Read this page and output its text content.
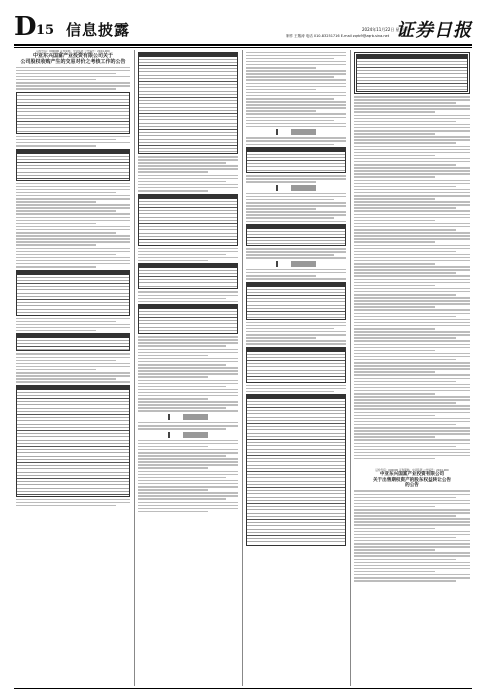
D 15 信息披露	2024年11月22日 星期四
制作 王敬涛 电话 010-83251716 E-mail zqrb9@zqrb.sina.net 证券日报
证券代码：000000 证券简称：中亚集团 公告编号：2024-000
中亚东兴国富产业投资有限公司关于
公司股权收购产生的交易对价之考核工作的公告
证券代码：000000 证券简称：中亚集团 公告编号：2024-000
中亚东兴国富产业投资有限公司
关于出售期权资产的股东权益转让公告
的公告
